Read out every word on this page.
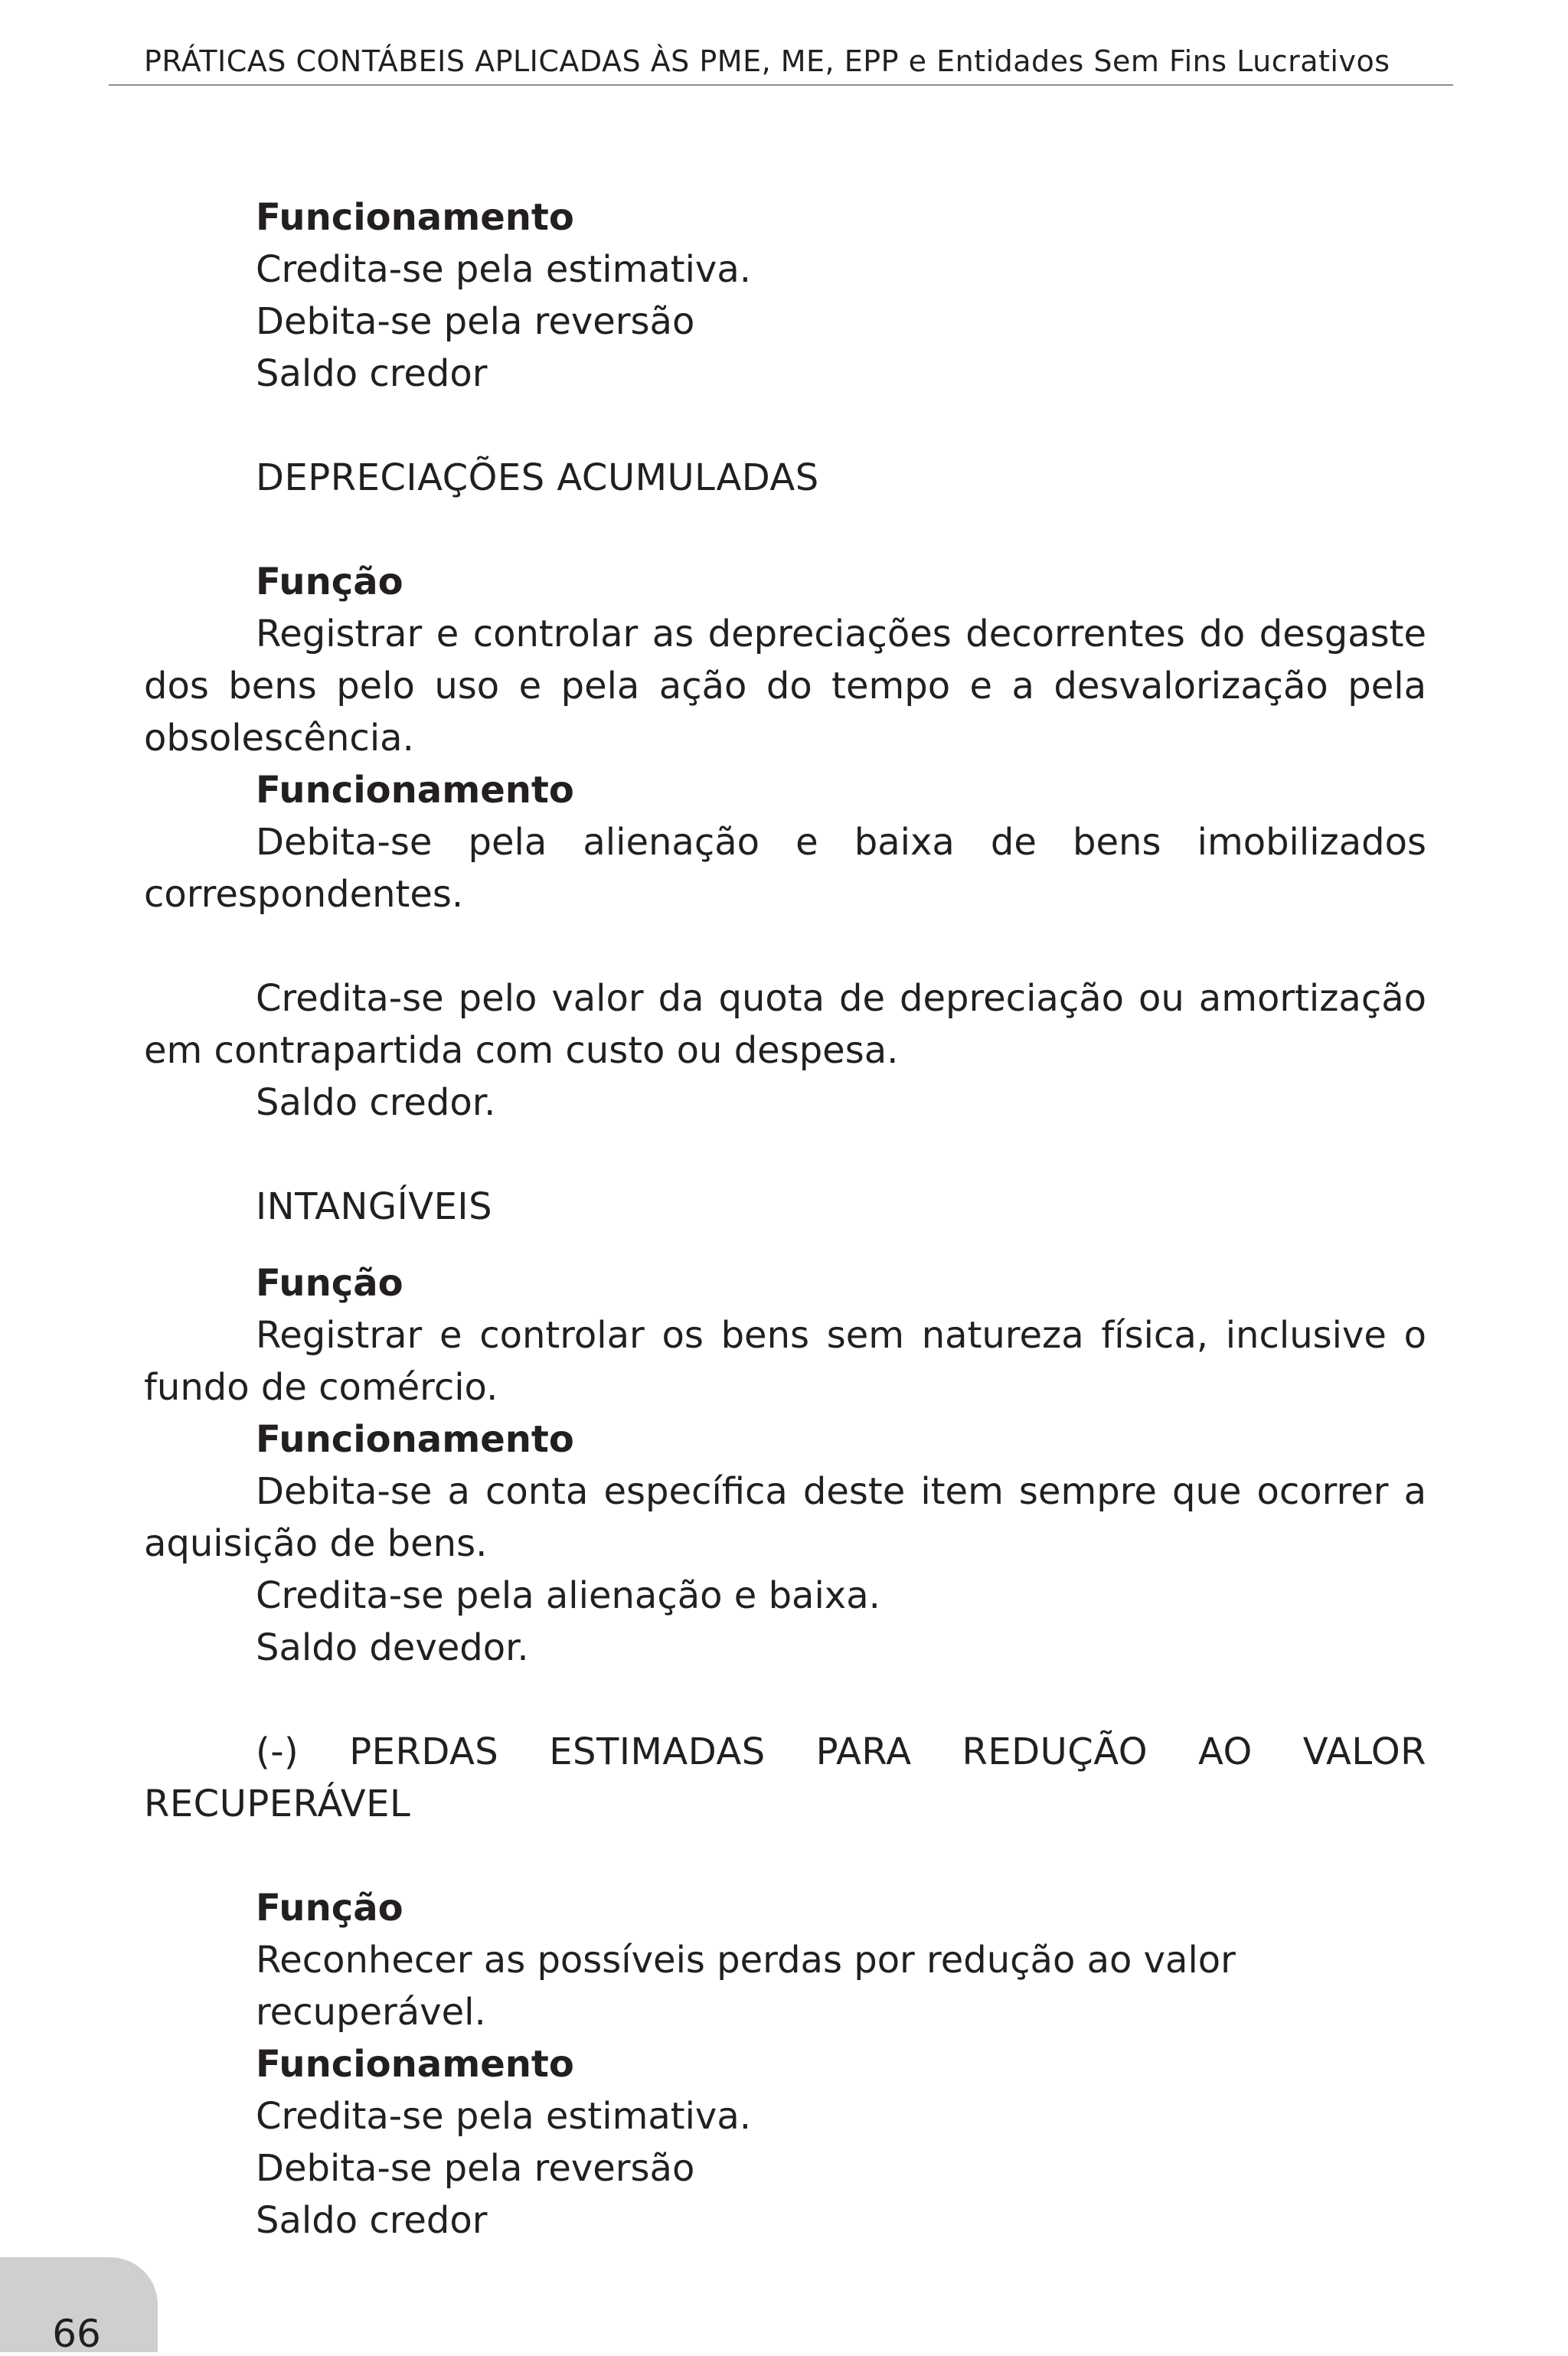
PRÁTICAS CONTÁBEIS APLICADAS ÀS PME, ME, EPP e Entidades Sem Fins Lucrativos

Funcionamento

Credita-se pela estimativa.

Debita-se pela reversão

Saldo credor

DEPRECIAÇÕES ACUMULADAS

Função

Registrar e controlar as depreciações decorrentes do desgaste dos bens pelo uso e pela ação do tempo e a desvalorização pela obsolescência.

Funcionamento

Debita-se pela alienação e baixa de bens imobilizados correspondentes.

Credita-se pelo valor da quota de depreciação ou amortização em contrapartida com custo ou despesa.

Saldo credor.

INTANGÍVEIS

Função

Registrar e controlar os bens sem natureza física, inclusive o fundo de comércio.

Funcionamento

Debita-se a conta específica deste item sempre que ocorrer a aquisição de bens.

Credita-se pela alienação e baixa.

Saldo devedor.

(-) PERDAS ESTIMADAS PARA REDUÇÃO AO VALOR RECUPERÁVEL

Função

Reconhecer as possíveis perdas por redução ao valor recuperável.

Funcionamento

Credita-se pela estimativa.

Debita-se pela reversão

Saldo credor

66
